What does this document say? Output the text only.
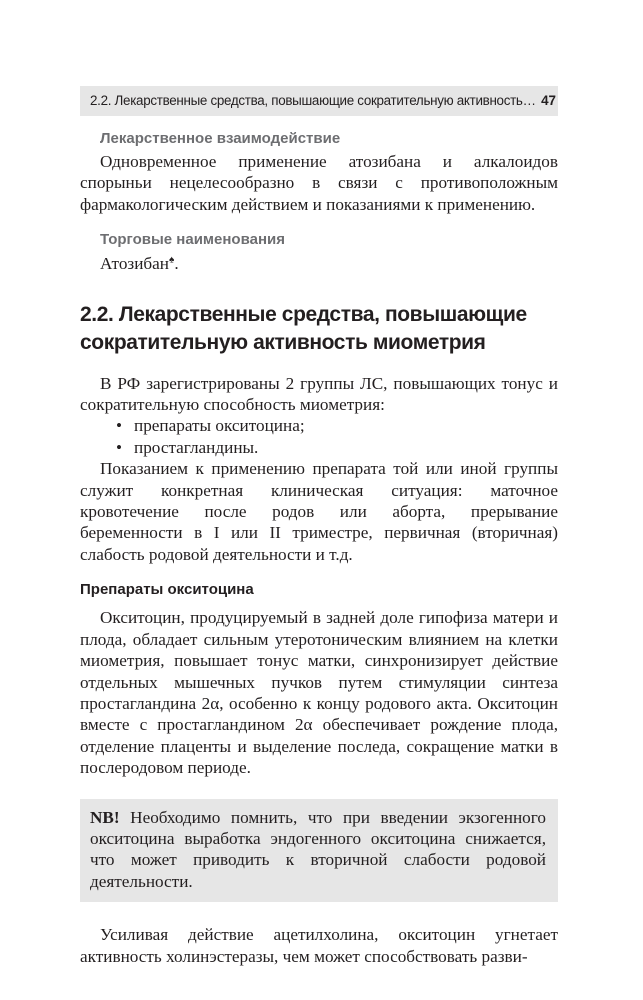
2.2. Лекарственные средства, повышающие сократительную активность… 47
Лекарственное взаимодействие

Одновременное применение атозибана и алкалоидов спорыньи нецелесообразно в связи с противоположным фармакологическим действием и показаниями к применению.

Торговые наименования

Атозибан♠.

2.2. Лекарственные средства, повышающие
сократительную активность миометрия

В РФ зарегистрированы 2 группы ЛС, повышающих тонус и сократительную способность миометрия:

• препараты окситоцина;
• простагландины.

Показанием к применению препарата той или иной группы служит конкретная клиническая ситуация: маточное кровотечение после родов или аборта, прерывание беременности в I или II триместре, первичная (вторичная) слабость родовой деятельности и т.д.

Препараты окситоцина

Окситоцин, продуцируемый в задней доле гипофиза матери и плода, обладает сильным утеротоническим влиянием на клетки миометрия, повышает тонус матки, синхронизирует действие отдельных мышечных пучков путем стимуляции синтеза простагландина 2α, особенно к концу родового акта. Окситоцин вместе с простагландином 2α обеспечивает рождение плода, отделение плаценты и выделение последа, сокращение матки в послеродовом периоде.

NB! Необходимо помнить, что при введении экзогенного окситоцина выработка эндогенного окситоцина снижается, что может приводить к вторичной слабости родовой деятельности.

Усиливая действие ацетилхолина, окситоцин угнетает активность холинэстеразы, чем может способствовать разви-
